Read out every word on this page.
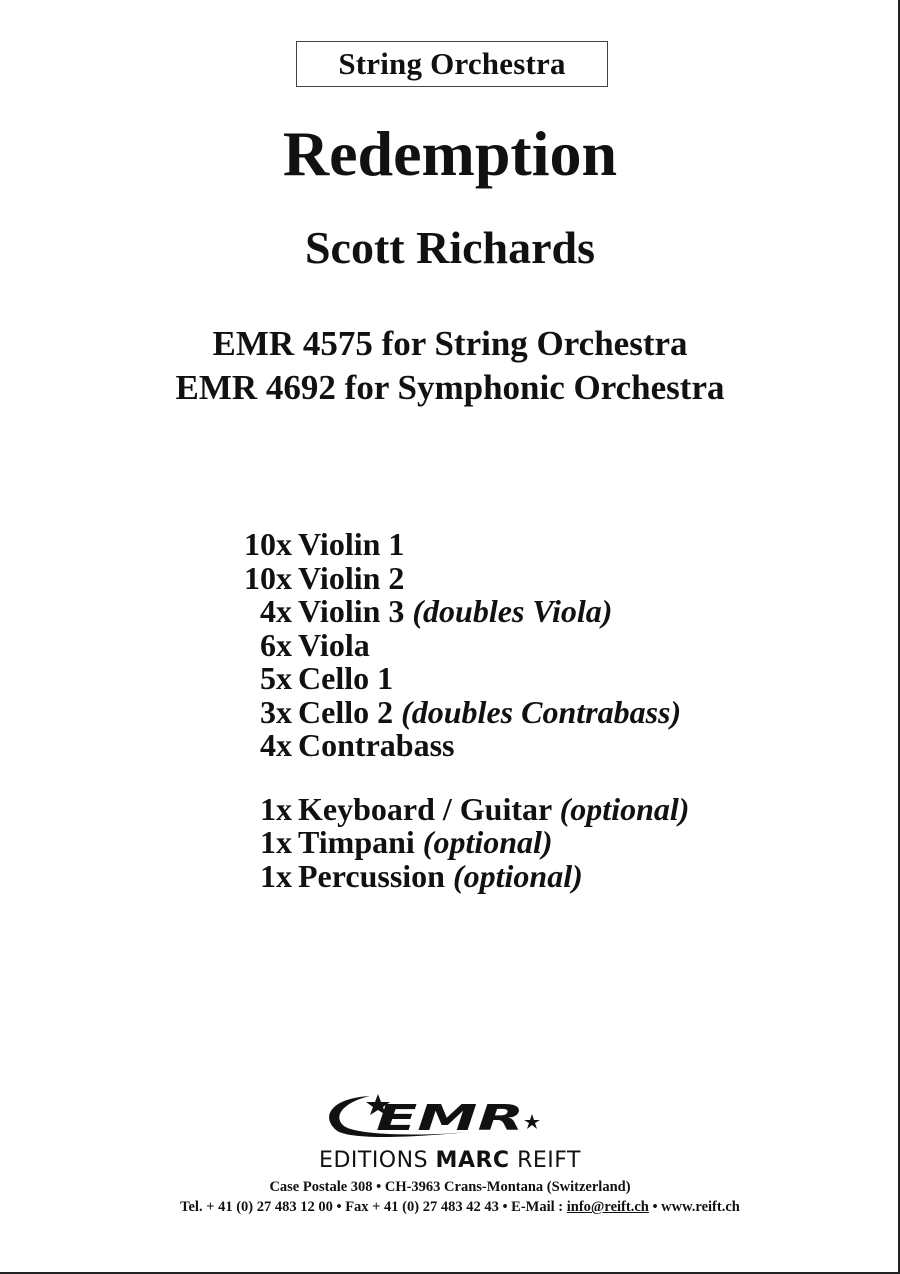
String Orchestra
Redemption
Scott Richards
EMR 4575 for String Orchestra
EMR 4692 for Symphonic Orchestra
10x Violin 1
10x Violin 2
4x Violin 3 (doubles Viola)
6x Viola
5x Cello 1
3x Cello 2 (doubles Contrabass)
4x Contrabass
1x Keyboard / Guitar (optional)
1x Timpani (optional)
1x Percussion (optional)
EMR
EDITIONS MARC REIFT
Case Postale 308 • CH-3963 Crans-Montana (Switzerland)
Tel. + 41 (0) 27 483 12 00 • Fax + 41 (0) 27 483 42 43 • E-Mail : info@reift.ch • www.reift.ch
